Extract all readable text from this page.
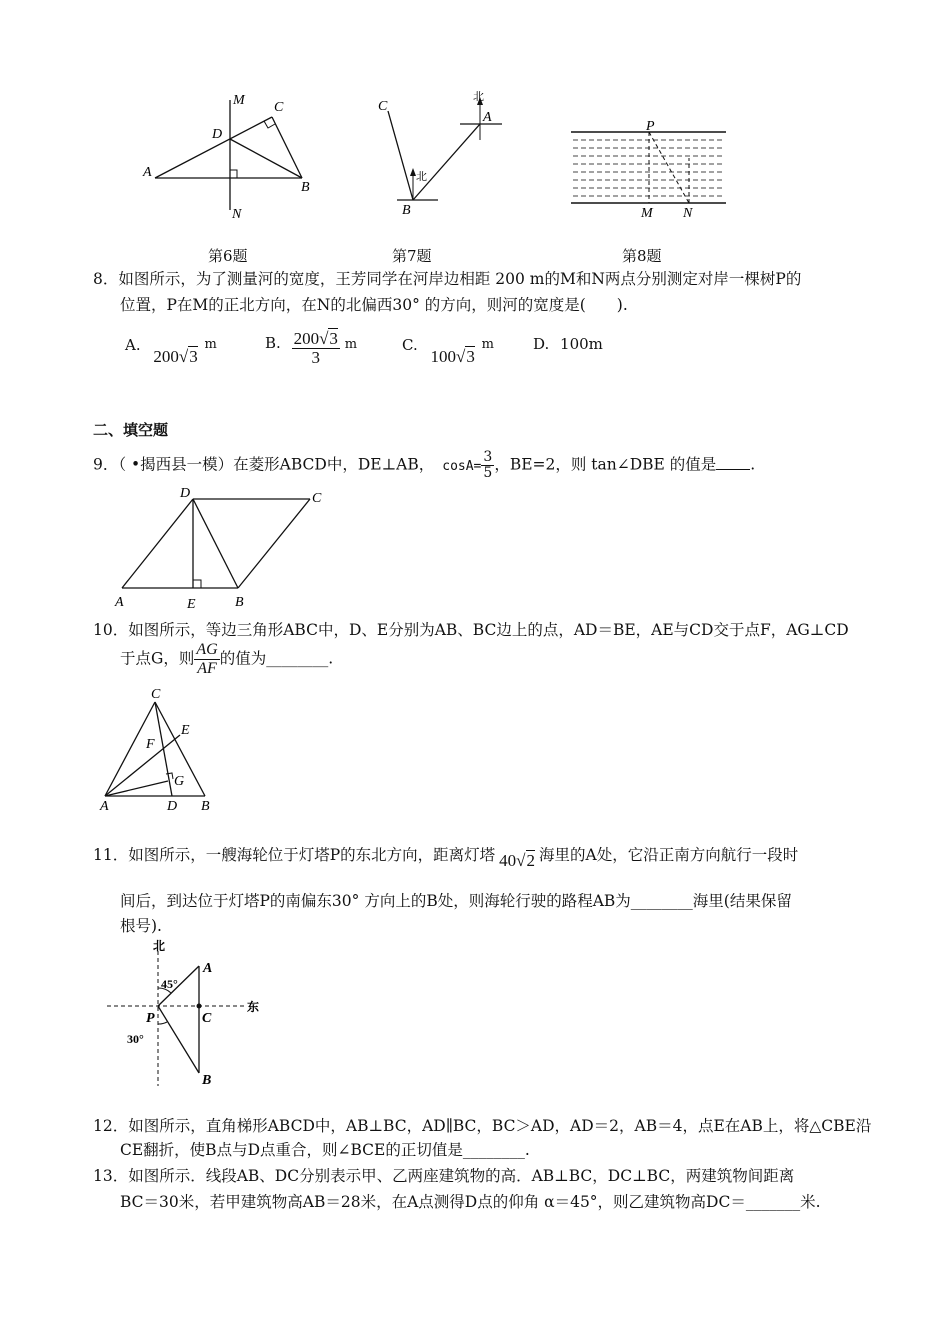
M C
D
A
B
N
第6题
C
A
B
北
北
第7题
P
M N
第8题
8．如图所示，为了测量河的宽度，王芳同学在河岸边相距 200 m的M和N两点分别测定对岸一棵树P的
位置，P在M的正北方向，在N的北偏西30° 的方向，则河的宽度是(　　).
A. 200√3 m	B. $\frac{200√3}{3}$ m	C. 100√3 m	D. 100m
二、填空题
9．（ •揭西县一模）在菱形ABCD中，DE⊥AB， $\cos A= \frac{3}{5}$ ，BE=2，则 tan∠DBE 的值是 .
D	C
A	E	B
10．如图所示，等边三角形ABC中，D、E分别为AB、BC边上的点，AD＝BE，AE与CD交于点F，AG⊥CD
于点G，则 $\frac{AG}{AF}$ 的值为________.
C
E
F
G
A	D B
11．如图所示，一艘海轮位于灯塔P的东北方向，距离灯塔 40√2 海里的A处，它沿正南方向航行一段时
间后，到达位于灯塔P的南偏东30° 方向上的B处，则海轮行驶的路程AB为________海里(结果保留
根号).
北
东
A
P	C
B
45°
30°
12．如图所示，直角梯形ABCD中，AB⊥BC，AD∥BC，BC＞AD，AD＝2，AB＝4，点E在AB上，将△CBE沿
CE翻折，使B点与D点重合，则∠BCE的正切值是________.
13．如图所示．线段AB、DC分别表示甲、乙两座建筑物的高．AB⊥BC，DC⊥BC，两建筑物间距离
BC＝30米，若甲建筑物高AB＝28米，在A点测得D点的仰角 α＝45°，则乙建筑物高DC＝_______米.
